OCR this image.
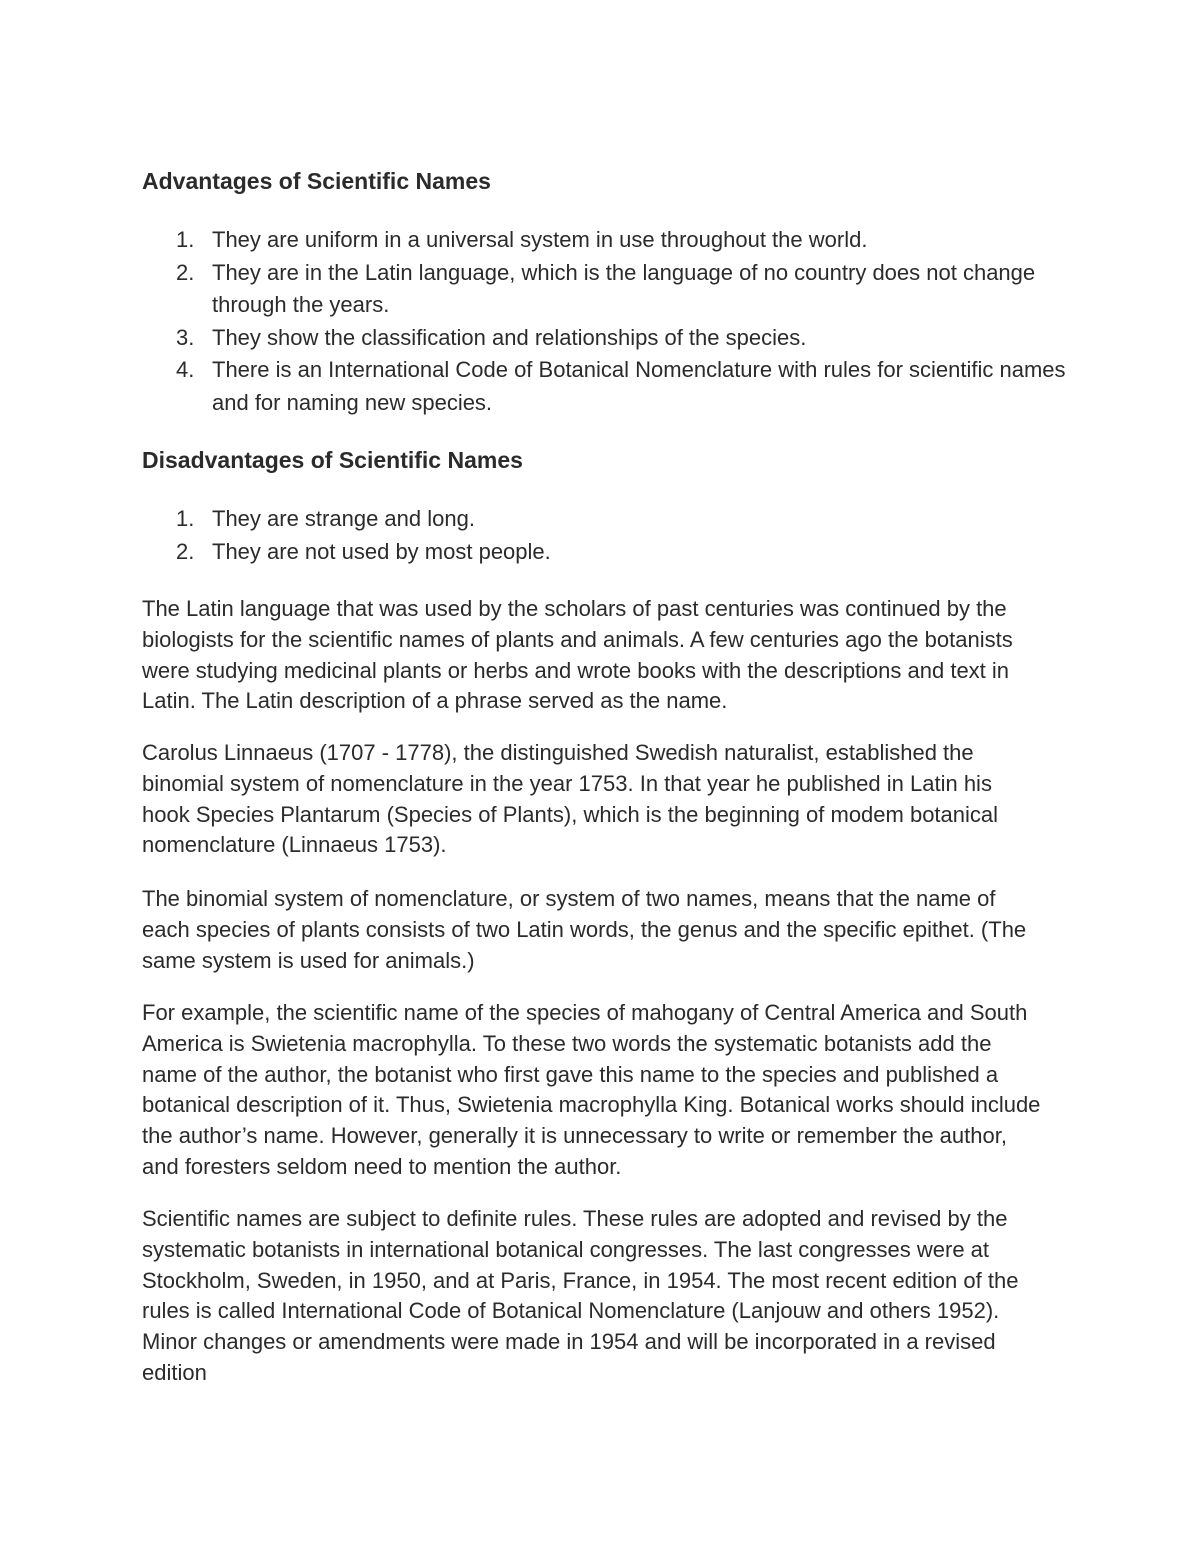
Advantages of Scientific Names
1. They are uniform in a universal system in use throughout the world.
2. They are in the Latin language, which is the language of no country does not change through the years.
3. They show the classification and relationships of the species.
4. There is an International Code of Botanical Nomenclature with rules for scientific names and for naming new species.
Disadvantages of Scientific Names
1. They are strange and long.
2. They are not used by most people.

The Latin language that was used by the scholars of past centuries was continued by the biologists for the scientific names of plants and animals. A few centuries ago the botanists were studying medicinal plants or herbs and wrote books with the descriptions and text in Latin. The Latin description of a phrase served as the name.

Carolus Linnaeus (1707 - 1778), the distinguished Swedish naturalist, established the binomial system of nomenclature in the year 1753. In that year he published in Latin his hook Species Plantarum (Species of Plants), which is the beginning of modem botanical nomenclature (Linnaeus 1753).

The binomial system of nomenclature, or system of two names, means that the name of each species of plants consists of two Latin words, the genus and the specific epithet. (The same system is used for animals.)

For example, the scientific name of the species of mahogany of Central America and South America is Swietenia macrophylla. To these two words the systematic botanists add the name of the author, the botanist who first gave this name to the species and published a botanical description of it. Thus, Swietenia macrophylla King. Botanical works should include the author’s name. However, generally it is unnecessary to write or remember the author, and foresters seldom need to mention the author.

Scientific names are subject to definite rules. These rules are adopted and revised by the systematic botanists in international botanical congresses. The last congresses were at Stockholm, Sweden, in 1950, and at Paris, France, in 1954. The most recent edition of the rules is called International Code of Botanical Nomenclature (Lanjouw and others 1952). Minor changes or amendments were made in 1954 and will be incorporated in a revised edition
